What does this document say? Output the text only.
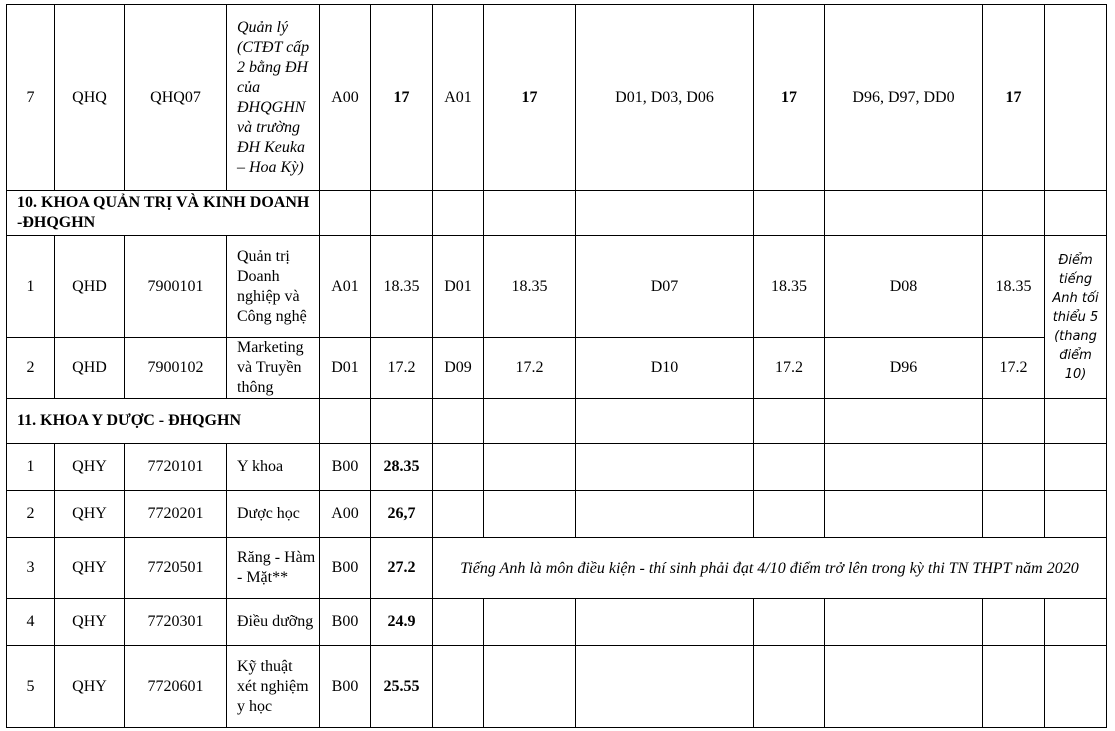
7	QHQ	QHQ07	Quản lý (CTĐT cấp 2 bằng ĐH của ĐHQGHN và trường ĐH Keuka – Hoa Kỳ)	A00	17	A01	17	D01, D03, D06	17	D96, D97, DD0	17	
10. KHOA QUẢN TRỊ VÀ KINH DOANH -ĐHQGHN												
1	QHD	7900101	Quản trị Doanh nghiệp và Công nghệ	A01	18.35	D01	18.35	D07	18.35	D08	18.35	Điểm tiếng Anh tối thiểu 5 (thang điểm 10)
2	QHD	7900102	Marketing và Truyền thông	D01	17.2	D09	17.2	D10	17.2	D96	17.2	
11. KHOA Y DƯỢC - ĐHQGHN												
1	QHY	7720101	Y khoa	B00	28.35							
2	QHY	7720201	Dược học	A00	26,7							
3	QHY	7720501	Răng - Hàm - Mặt**	B00	27.2	Tiếng Anh là môn điều kiện - thí sinh phải đạt 4/10 điểm trở lên trong kỳ thi TN THPT năm 2020						
4	QHY	7720301	Điều dưỡng	B00	24.9							
5	QHY	7720601	Kỹ thuật xét nghiệm y học	B00	25.55							
